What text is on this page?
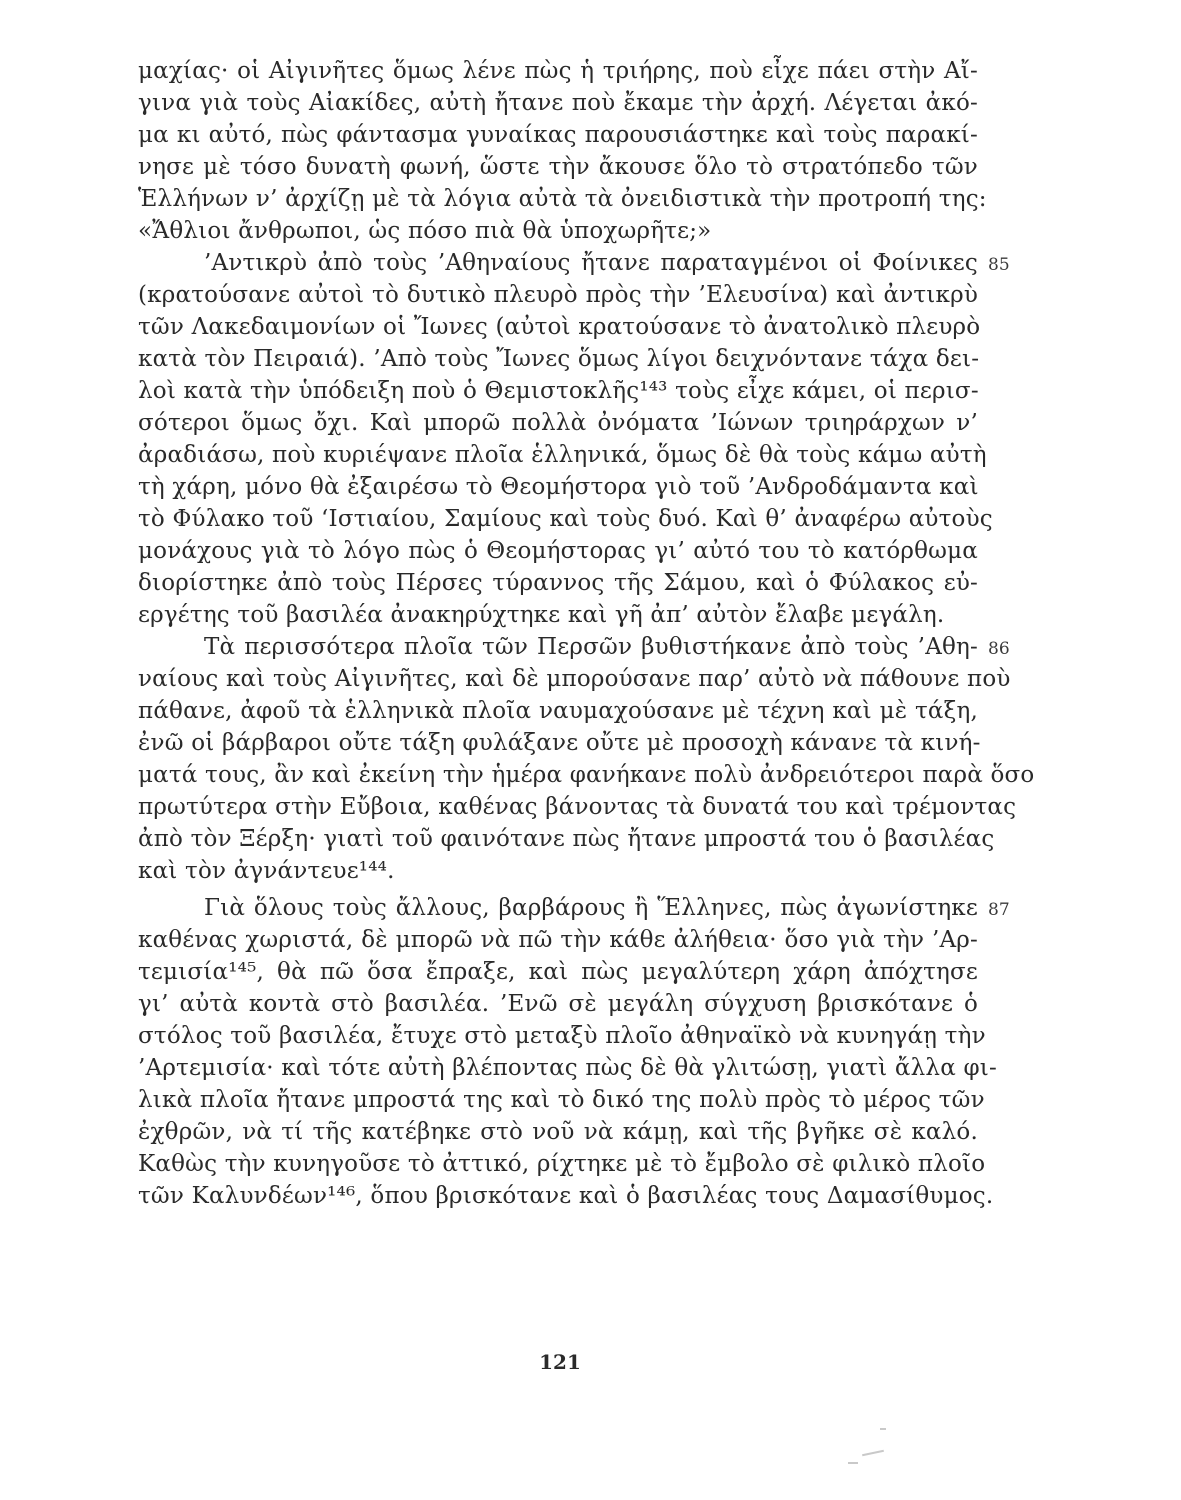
μαχίας· οἱ Αἰγινῆτες ὅμως λένε πὼς ἡ τριήρης, ποὺ εἶχε πάει στὴν Αἴ-
γινα γιὰ τοὺς Αἰακίδες, αὐτὴ ἤτανε ποὺ ἔκαμε τὴν ἀρχή. Λέγεται ἀκό-
μα κι αὐτό, πὼς φάντασμα γυναίκας παρουσιάστηκε καὶ τοὺς παρακί-
νησε μὲ τόσο δυνατὴ φωνή, ὥστε τὴν ἄκουσε ὅλο τὸ στρατόπεδο τῶν
Ἑλλήνων ν’ ἀρχίζῃ μὲ τὰ λόγια αὐτὰ τὰ ὀνειδιστικὰ τὴν προτροπή της:
«Ἄθλιοι ἄνθρωποι, ὡς πόσο πιὰ θὰ ὑποχωρῆτε;»
’Αντικρὺ ἀπὸ τοὺς ’Αθηναίους ἤτανε παραταγμένοι οἱ Φοίνικες 85
(κρατούσανε αὐτοὶ τὸ δυτικὸ πλευρὸ πρὸς τὴν ’Ελευσίνα) καὶ ἀντικρὺ
τῶν Λακεδαιμονίων οἱ Ἴωνες (αὐτοὶ κρατούσανε τὸ ἀνατολικὸ πλευρὸ
κατὰ τὸν Πειραιά). ’Απὸ τοὺς Ἴωνες ὅμως λίγοι δειχνόντανε τάχα δει-
λοὶ κατὰ τὴν ὑπόδειξη ποὺ ὁ Θεμιστοκλῆς¹⁴³ τοὺς εἶχε κάμει, οἱ περισ-
σότεροι ὅμως ὄχι. Καὶ μπορῶ πολλὰ ὀνόματα ’Ιώνων τριηράρχων ν’
ἀραδιάσω, ποὺ κυριέψανε πλοῖα ἑλληνικά, ὅμως δὲ θὰ τοὺς κάμω αὐτὴ
τὴ χάρη, μόνο θὰ ἐξαιρέσω τὸ Θεομήστορα γιὸ τοῦ ’Ανδροδάμαντα καὶ
τὸ Φύλακο τοῦ ‘Ιστιαίου, Σαμίους καὶ τοὺς δυό. Καὶ θ’ ἀναφέρω αὐτοὺς
μονάχους γιὰ τὸ λόγο πὼς ὁ Θεομήστορας γι’ αὐτό του τὸ κατόρθωμα
διορίστηκε ἀπὸ τοὺς Πέρσες τύραννος τῆς Σάμου, καὶ ὁ Φύλακος εὐ-
εργέτης τοῦ βασιλέα ἀνακηρύχτηκε καὶ γῆ ἀπ’ αὐτὸν ἔλαβε μεγάλη.
Τὰ περισσότερα πλοῖα τῶν Περσῶν βυθιστήκανε ἀπὸ τοὺς ’Αθη- 86
ναίους καὶ τοὺς Αἰγινῆτες, καὶ δὲ μπορούσανε παρ’ αὐτὸ νὰ πάθουνε ποὺ
πάθανε, ἀφοῦ τὰ ἑλληνικὰ πλοῖα ναυμαχούσανε μὲ τέχνη καὶ μὲ τάξη,
ἐνῶ οἱ βάρβαροι οὔτε τάξη φυλάξανε οὔτε μὲ προσοχὴ κάνανε τὰ κινή-
ματά τους, ἂν καὶ ἐκείνη τὴν ἡμέρα φανήκανε πολὺ ἀνδρειότεροι παρὰ ὅσο
πρωτύτερα στὴν Εὔβοια, καθένας βάνοντας τὰ δυνατά του καὶ τρέμοντας
ἀπὸ τὸν Ξέρξη· γιατὶ τοῦ φαινότανε πὼς ἤτανε μπροστά του ὁ βασιλέας
καὶ τὸν ἀγνάντευε¹⁴⁴.
Γιὰ ὅλους τοὺς ἄλλους, βαρβάρους ἢ Ἕλληνες, πὼς ἀγωνίστηκε 87
καθένας χωριστά, δὲ μπορῶ νὰ πῶ τὴν κάθε ἀλήθεια· ὅσο γιὰ τὴν ’Αρ-
τεμισία¹⁴⁵, θὰ πῶ ὅσα ἔπραξε, καὶ πὼς μεγαλύτερη χάρη ἀπόχτησε
γι’ αὐτὰ κοντὰ στὸ βασιλέα. ’Ενῶ σὲ μεγάλη σύγχυση βρισκότανε ὁ
στόλος τοῦ βασιλέα, ἔτυχε στὸ μεταξὺ πλοῖο ἀθηναϊκὸ νὰ κυνηγάῃ τὴν
’Αρτεμισία· καὶ τότε αὐτὴ βλέποντας πὼς δὲ θὰ γλιτώσῃ, γιατὶ ἄλλα φι-
λικὰ πλοῖα ἤτανε μπροστά της καὶ τὸ δικό της πολὺ πρὸς τὸ μέρος τῶν
ἐχθρῶν, νὰ τί τῆς κατέβηκε στὸ νοῦ νὰ κάμῃ, καὶ τῆς βγῆκε σὲ καλό.
Καθὼς τὴν κυνηγοῦσε τὸ ἀττικό, ρίχτηκε μὲ τὸ ἔμβολο σὲ φιλικὸ πλοῖο
τῶν Καλυνδέων¹⁴⁶, ὅπου βρισκότανε καὶ ὁ βασιλέας τους Δαμασίθυμος.
121
